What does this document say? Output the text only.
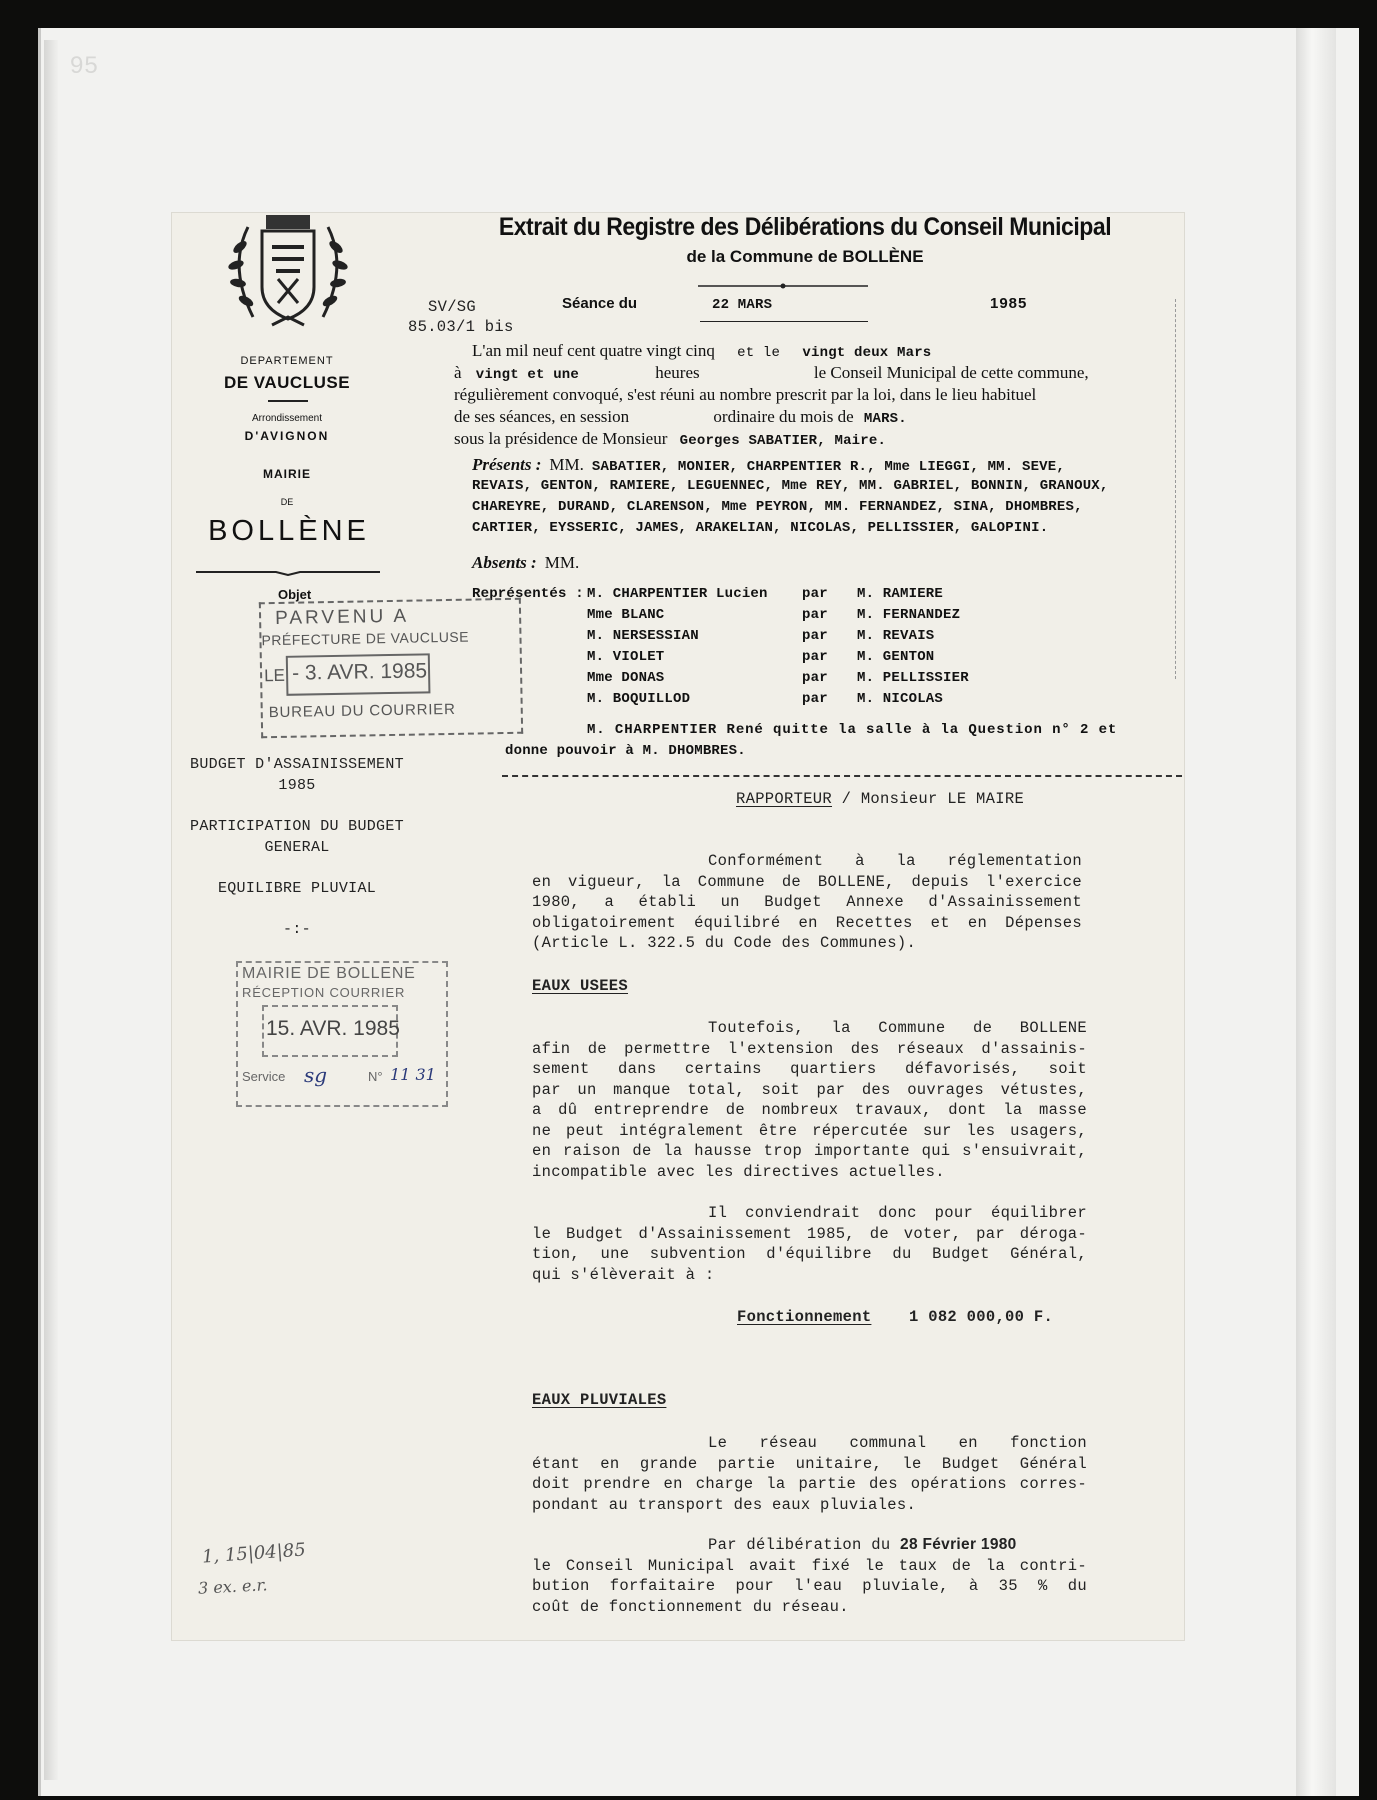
95
DEPARTEMENT
DE VAUCLUSE
Arrondissement
D'AVIGNON
MAIRIE
DE
BOLLÈNE
Objet
Extrait du Registre des Délibérations du Conseil Municipal
de la Commune de BOLLÈNE
SV/SG
85.03/1 bis
Séance du	22 MARS	1985
L'an mil neuf cent quatre vingt cinq et le vingt deux Mars
à vingt et une	heures	le Conseil Municipal de cette commune,
régulièrement convoqué, s'est réuni au nombre prescrit par la loi, dans le lieu habituel
de ses séances, en session	ordinaire du mois de MARS.
sous la présidence de Monsieur Georges SABATIER, Maire.
Présents : MM. SABATIER, MONIER, CHARPENTIER R., Mme LIEGGI, MM. SEVE,
REVAIS, GENTON, RAMIERE, LEGUENNEC, Mme REY, MM. GABRIEL, BONNIN, GRANOUX,
CHAREYRE, DURAND, CLARENSON, Mme PEYRON, MM. FERNANDEZ, SINA, DHOMBRES,
CARTIER, EYSSERIC, JAMES, ARAKELIAN, NICOLAS, PELLISSIER, GALOPINI.
Absents : MM.
Représentés : M. CHARPENTIER Lucien par M. RAMIERE
Mme BLANC	par M. FERNANDEZ
M. NERSESSIAN	par M. REVAIS
M. VIOLET	par M. GENTON
Mme DONAS	par M. PELLISSIER
M. BOQUILLOD	par M. NICOLAS
M. CHARPENTIER René quitte la salle à la Question n° 2 et
donne pouvoir à M. DHOMBRES.
PARVENU A
PRÉFECTURE DE VAUCLUSE
LE - 3. AVR. 1985
BUREAU DU COURRIER
MAIRIE DE BOLLENE
RÉCEPTION COURRIER
15. AVR. 1985
Service sg	N° 11 31
BUDGET D'ASSAINISSEMENT
1985
PARTICIPATION DU BUDGET
GENERAL
EQUILIBRE PLUVIAL
-:-
RAPPORTEUR / Monsieur LE MAIRE
Conformément à la réglementation
en vigueur, la Commune de BOLLENE, depuis l'exercice
1980, a établi un Budget Annexe d'Assainissement
obligatoirement équilibré en Recettes et en Dépenses
(Article L. 322.5 du Code des Communes).
EAUX USEES
Toutefois, la Commune de BOLLENE
afin de permettre l'extension des réseaux d'assainis-
sement dans certains quartiers défavorisés, soit
par un manque total, soit par des ouvrages vétustes,
a dû entreprendre de nombreux travaux, dont la masse
ne peut intégralement être répercutée sur les usagers,
en raison de la hausse trop importante qui s'ensuivrait,
incompatible avec les directives actuelles.
Il conviendrait donc pour équilibrer
le Budget d'Assainissement 1985, de voter, par déroga-
tion, une subvention d'équilibre du Budget Général,
qui s'élèverait à :
Fonctionnement 1 082 000,00 F.
EAUX PLUVIALES
Le réseau communal en fonction
étant en grande partie unitaire, le Budget Général
doit prendre en charge la partie des opérations corres-
pondant au transport des eaux pluviales.
Par délibération du 28 Février 1980
le Conseil Municipal avait fixé le taux de la contri-
bution forfaitaire pour l'eau pluviale, à 35 % du
coût de fonctionnement du réseau.
1, 15|04|85
3 ex. e.r.
